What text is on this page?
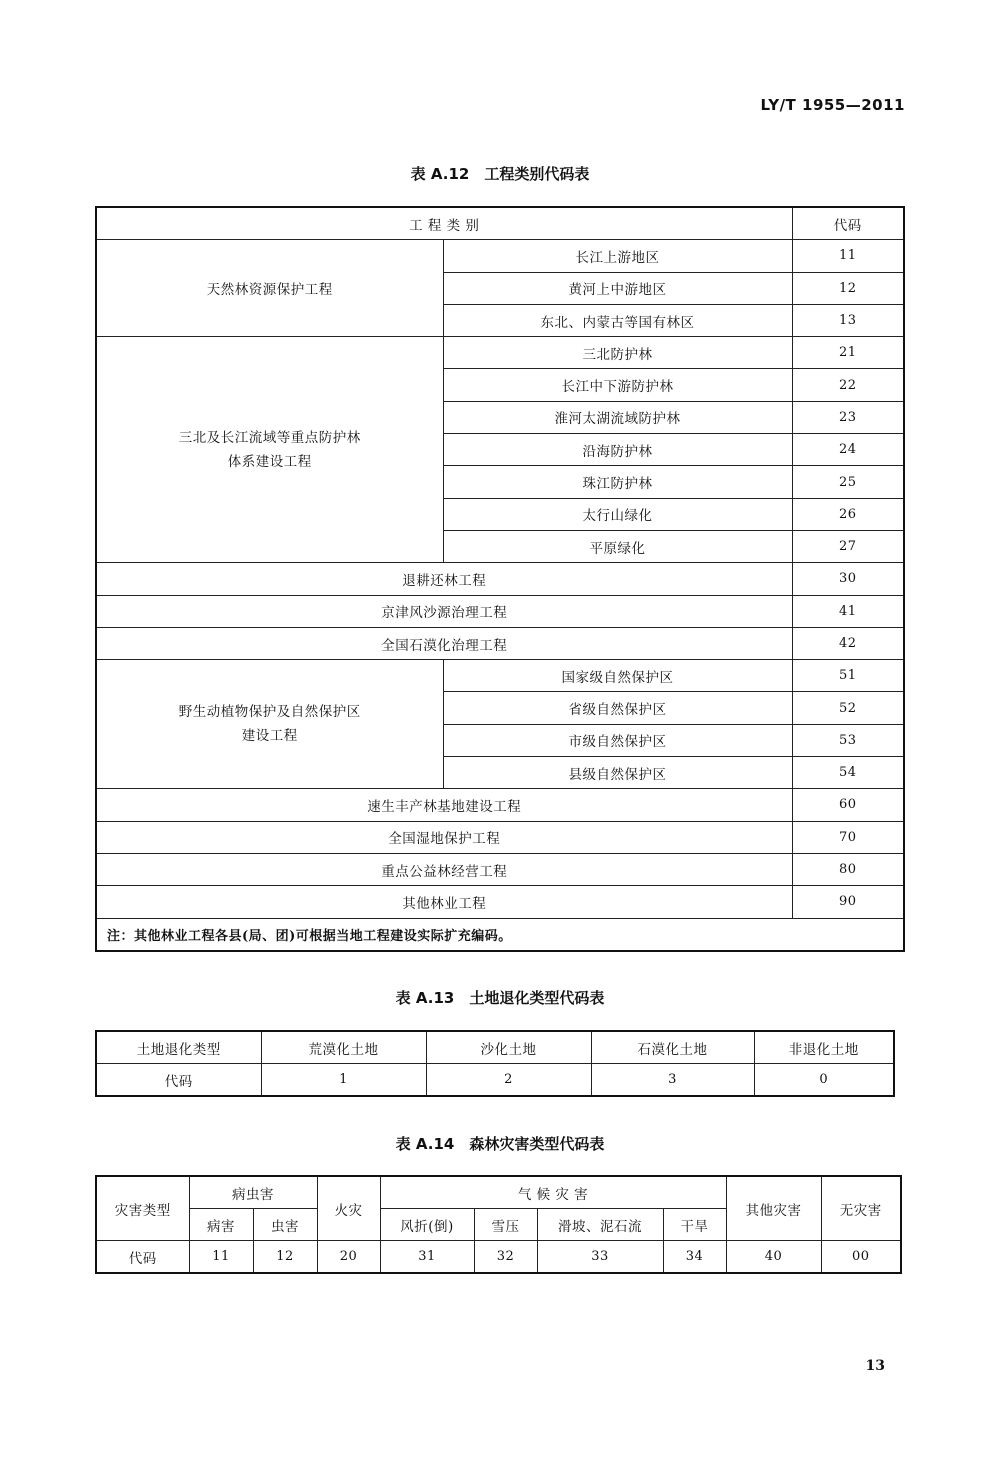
LY/T 1955—2011
表 A.12　工程类别代码表
工 程 类 别		代码
天然林资源保护工程	长江上游地区	11
	黄河上中游地区	12
	东北、内蒙古等国有林区	13
三北及长江流域等重点防护林
体系建设工程	三北防护林	21
	长江中下游防护林	22
	淮河太湖流域防护林	23
	沿海防护林	24
	珠江防护林	25
	太行山绿化	26
	平原绿化	27
退耕还林工程		30
京津风沙源治理工程		41
全国石漠化治理工程		42
野生动植物保护及自然保护区
建设工程	国家级自然保护区	51
	省级自然保护区	52
	市级自然保护区	53
	县级自然保护区	54
速生丰产林基地建设工程		60
全国湿地保护工程		70
重点公益林经营工程		80
其他林业工程		90
注：其他林业工程各县(局、团)可根据当地工程建设实际扩充编码。		
表 A.13　土地退化类型代码表
土地退化类型	荒漠化土地	沙化土地	石漠化土地	非退化土地
代码	1	2	3	0
表 A.14　森林灾害类型代码表
灾害类型	病虫害		火灾	气 候 灾 害				其他灾害	无灾害
	病害	虫害		风折(倒)	雪压	滑坡、泥石流	干旱		
代码	11	12	20	31	32	33	34	40	00
13
